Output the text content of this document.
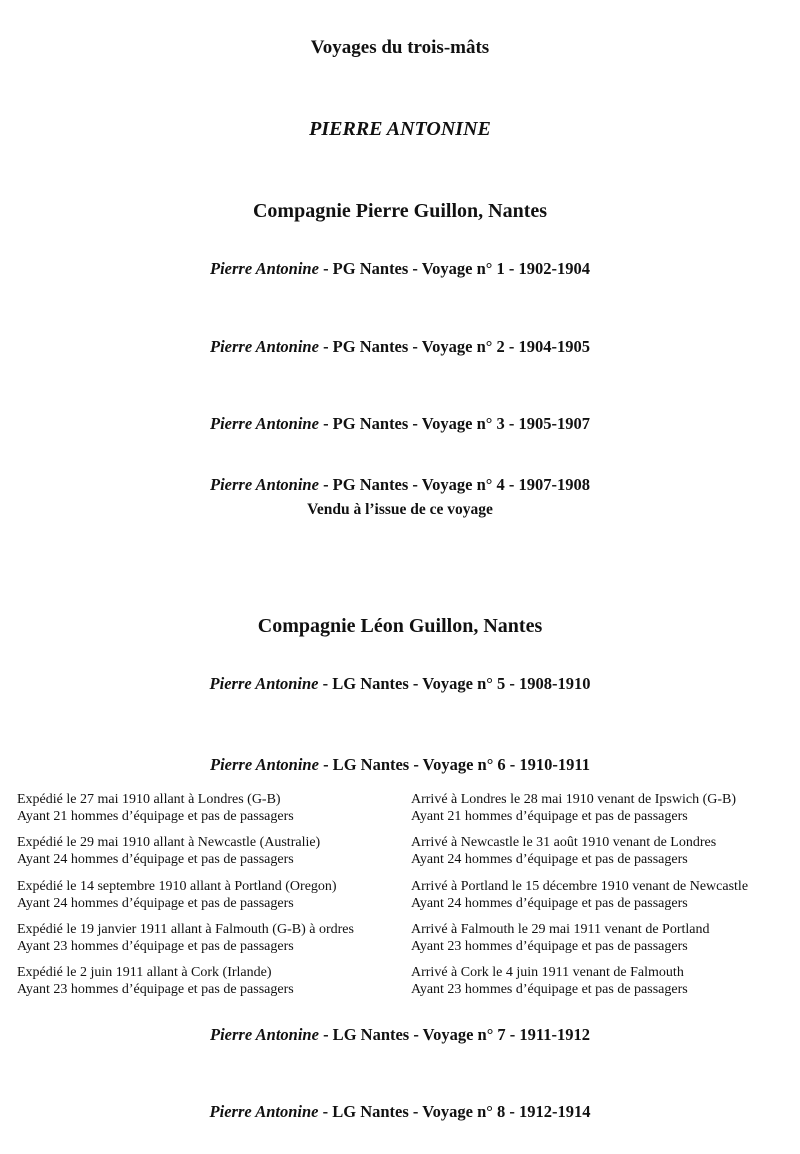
Voyages du trois-mâts
PIERRE ANTONINE
Compagnie Pierre Guillon, Nantes
Pierre Antonine - PG Nantes - Voyage n° 1 - 1902-1904
Pierre Antonine - PG Nantes - Voyage n° 2 - 1904-1905
Pierre Antonine - PG Nantes - Voyage n° 3 - 1905-1907
Pierre Antonine - PG Nantes - Voyage n° 4 - 1907-1908
Vendu à l’issue de ce voyage
Compagnie Léon Guillon, Nantes
Pierre Antonine - LG Nantes - Voyage n° 5 - 1908-1910
Pierre Antonine - LG Nantes - Voyage n° 6 - 1910-1911
Expédié le 27 mai 1910 allant à Londres (G-B)
Ayant 21 hommes d’équipage et pas de passagers
Arrivé à Londres le 28 mai 1910 venant de Ipswich (G-B)
Ayant 21 hommes d’équipage et pas de passagers
Expédié le 29 mai 1910 allant à Newcastle (Australie)
Ayant 24 hommes d’équipage et pas de passagers
Arrivé à Newcastle le 31 août 1910 venant de Londres
Ayant 24 hommes d’équipage et pas de passagers
Expédié le 14 septembre 1910 allant à Portland (Oregon)
Ayant 24 hommes d’équipage et pas de passagers
Arrivé à Portland le 15 décembre 1910 venant de Newcastle
Ayant 24 hommes d’équipage et pas de passagers
Expédié le 19 janvier 1911 allant à Falmouth (G-B) à ordres
Ayant 23 hommes d’équipage et pas de passagers
Arrivé à Falmouth le 29 mai 1911 venant de Portland
Ayant 23 hommes d’équipage et pas de passagers
Expédié le 2 juin 1911 allant à Cork (Irlande)
Ayant 23 hommes d’équipage et pas de passagers
Arrivé à Cork le 4 juin 1911 venant de Falmouth
Ayant 23 hommes d’équipage et pas de passagers
Pierre Antonine - LG Nantes - Voyage n° 7 - 1911-1912
Pierre Antonine - LG Nantes - Voyage n° 8 - 1912-1914
